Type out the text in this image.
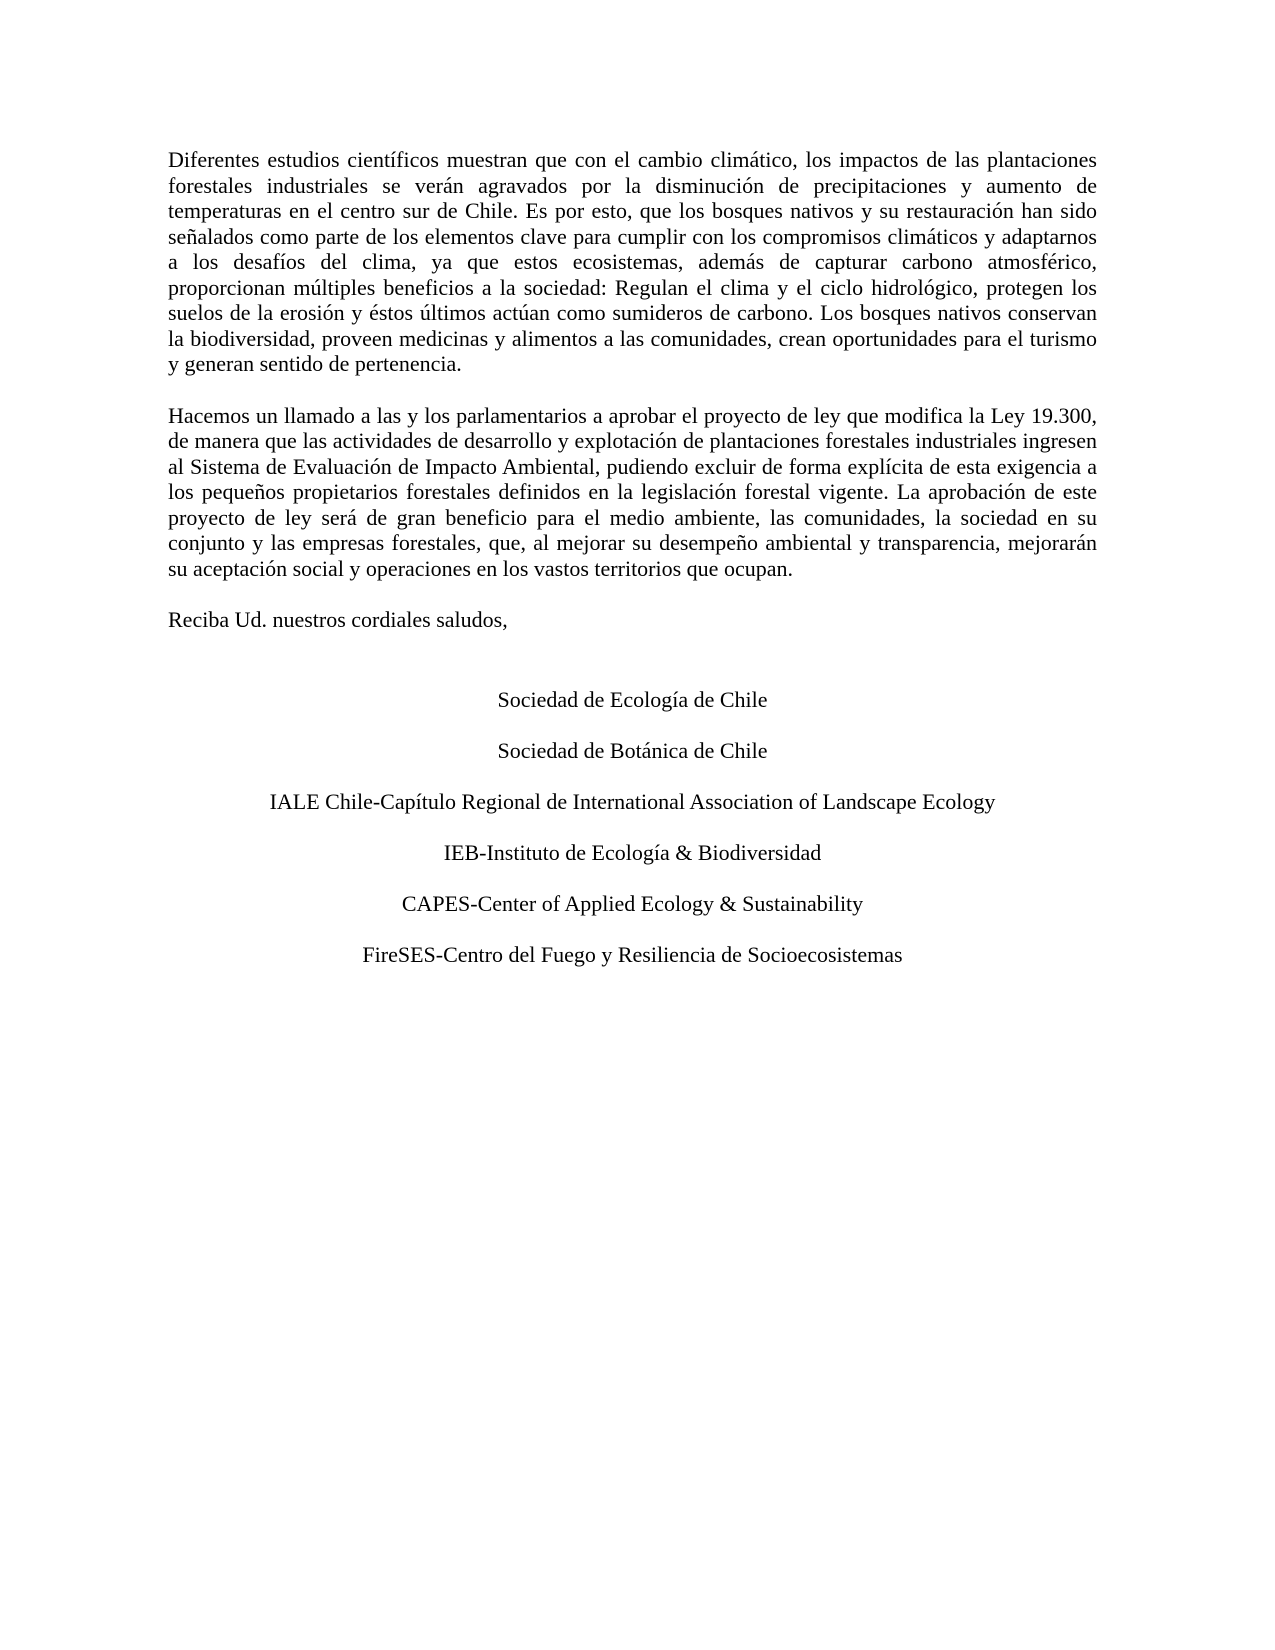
Diferentes estudios científicos muestran que con el cambio climático, los impactos de las plantaciones forestales industriales se verán agravados por la disminución de precipitaciones y aumento de temperaturas en el centro sur de Chile. Es por esto, que los bosques nativos y su restauración han sido señalados como parte de los elementos clave para cumplir con los compromisos climáticos y adaptarnos a los desafíos del clima, ya que estos ecosistemas, además de capturar carbono atmosférico, proporcionan múltiples beneficios a la sociedad: Regulan el clima y el ciclo hidrológico, protegen los suelos de la erosión y éstos últimos actúan como sumideros de carbono. Los bosques nativos conservan la biodiversidad, proveen medicinas y alimentos a las comunidades, crean oportunidades para el turismo y generan sentido de pertenencia.

Hacemos un llamado a las y los parlamentarios a aprobar el proyecto de ley que modifica la Ley 19.300, de manera que las actividades de desarrollo y explotación de plantaciones forestales industriales ingresen al Sistema de Evaluación de Impacto Ambiental, pudiendo excluir de forma explícita de esta exigencia a los pequeños propietarios forestales definidos en la legislación forestal vigente. La aprobación de este proyecto de ley será de gran beneficio para el medio ambiente, las comunidades, la sociedad en su conjunto y las empresas forestales, que, al mejorar su desempeño ambiental y transparencia, mejorarán su aceptación social y operaciones en los vastos territorios que ocupan.

Reciba Ud. nuestros cordiales saludos,

Sociedad de Ecología de Chile

Sociedad de Botánica de Chile

IALE Chile-Capítulo Regional de International Association of Landscape Ecology

IEB-Instituto de Ecología & Biodiversidad

CAPES-Center of Applied Ecology & Sustainability

FireSES-Centro del Fuego y Resiliencia de Socioecosistemas
